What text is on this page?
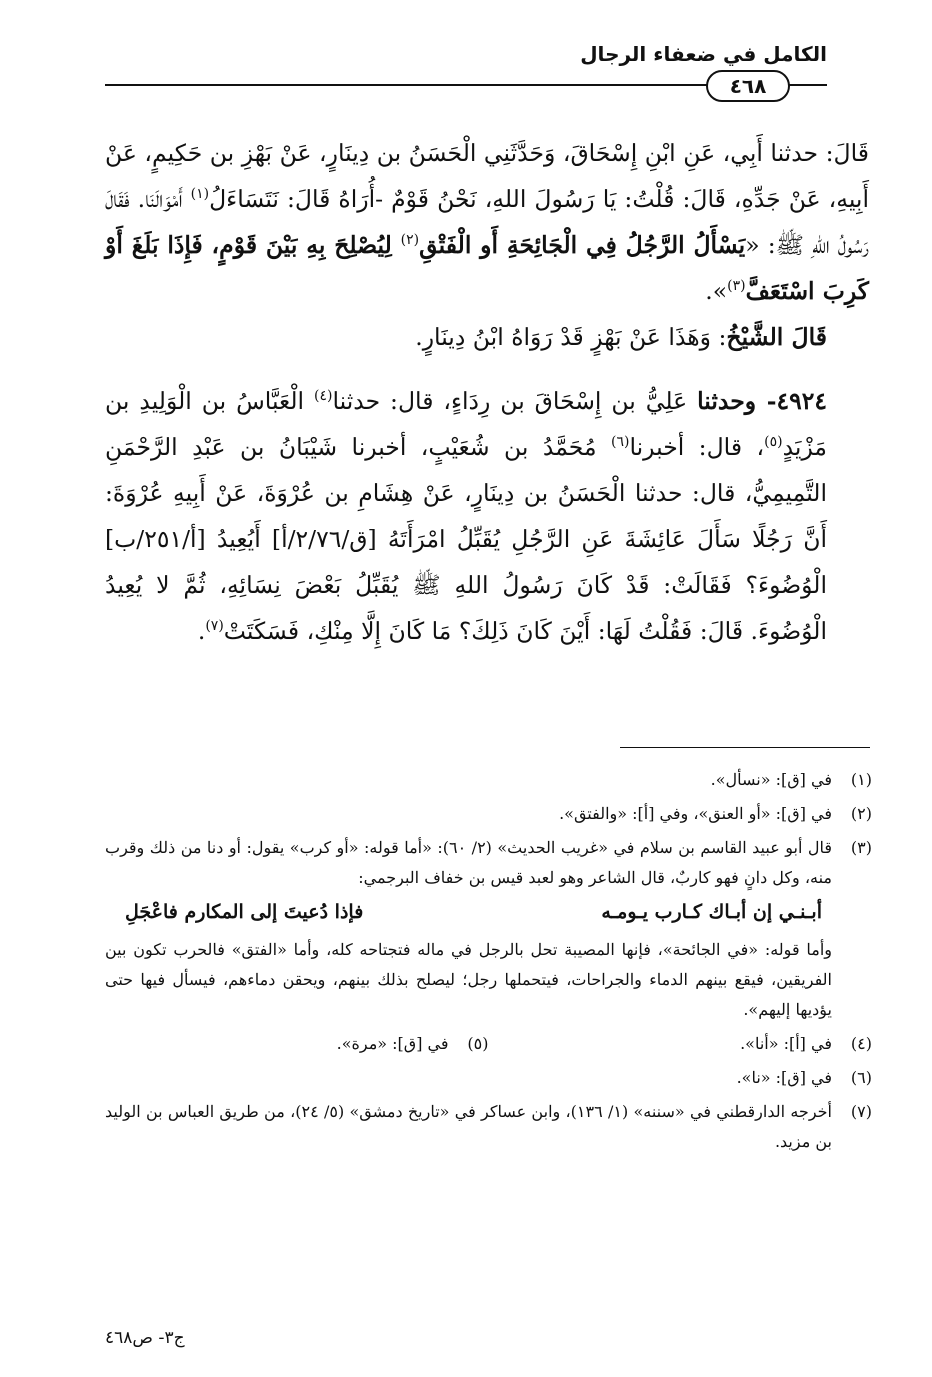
الكامل في ضعفاء الرجال
٤٦٨

قَالَ: حدثنا أَبِي، عَنِ ابْنِ إِسْحَاقَ، وَحَدَّثَنِي الْحَسَنُ بن دِينَارٍ، عَنْ بَهْزِ بن حَكِيمٍ، عَنْ أَبِيهِ، عَنْ جَدِّهِ، قَالَ: قُلْتُ: يَا رَسُولَ اللهِ، نَحْنُ قَوْمٌ -أُرَاهُ قَالَ: نَتَسَاءَلُ$^{(١)}$ أَمْوَالَنَا. فَقَالَ رَسُولُ اللهِ ﷺ: «يَسْأَلُ الرَّجُلُ فِي الْجَائِحَةِ أَو الْفَتْقِ$^{(٢)}$ لِيُصْلِحَ بِهِ بَيْنَ قَوْمٍ، فَإِذَا بَلَغَ أَوْ كَرِبَ اسْتَعَفَّ$^{(٣)}$».

قَالَ الشَّيْخُ: وَهَذَا عَنْ بَهْزٍ قَدْ رَوَاهُ ابْنُ دِينَارٍ.

٤٩٢٤- وحدثنا عَلِيُّ بن إِسْحَاقَ بن رِدَاءٍ، قال: حدثنا$^{(٤)}$ الْعَبَّاسُ بن الْوَلِيدِ بن مَزْيَدٍ$^{(٥)}$، قال: أخبرنا$^{(٦)}$ مُحَمَّدُ بن شُعَيْبٍ، أخبرنا شَيْبَانُ بن عَبْدِ الرَّحْمَنِ التَّمِيمِيُّ، قال: حدثنا الْحَسَنُ بن دِينَارٍ، عَنْ هِشَامِ بن عُرْوَةَ، عَنْ أَبِيهِ عُرْوَةَ: أَنَّ رَجُلًا سَأَلَ عَائِشَةَ عَنِ الرَّجُلِ يُقَبِّلُ امْرَأَتَهُ [ق/٢/٧٦/أ] أَيُعِيدُ [أ/٢٥١/ب] الْوُضُوءَ؟ فَقَالَتْ: قَدْ كَانَ رَسُولُ اللهِ ﷺ يُقَبِّلُ بَعْضَ نِسَائِهِ، ثُمَّ لا يُعِيدُ الْوُضُوءَ. قَالَ: فَقُلْتُ لَهَا: أَيْنَ كَانَ ذَلِكَ؟ مَا كَانَ إِلَّا مِنْكِ، فَسَكَتَتْ$^{(٧)}$.

(١)
في [ق]: «نسأل».
(٢)
في [ق]: «أو العنق»، وفي [أ]: «والفتق».
(٣)
قال أبو عبيد القاسم بن سلام في «غريب الحديث» (٢/ ٦٠): «أما قوله: «أو كرب» يقول: أو دنا من ذلك وقرب منه، وكل دانٍ فهو كاربٌ، قال الشاعر وهو لعبد قيس بن خفاف البرجمي:
أبـنـي إن أبـاك كـارب يـومـه
فإذا دُعيتَ إلى المكارم فاعْجَلِ
وأما قوله: «في الجائحة»، فإنها المصيبة تحل بالرجل في ماله فتجتاحه كله، وأما «الفتق» فالحرب تكون بين الفريقين، فيقع بينهم الدماء والجراحات، فيتحملها رجل؛ ليصلح بذلك بينهم، ويحقن دماءهم، فيسأل فيها حتى يؤديها إليهم».
(٤)
في [أ]: «أنا».
(٥)
في [ق]: «مرة».
(٦)
في [ق]: «نا».
(٧)
أخرجه الدارقطني في «سننه» (١/ ١٣٦)، وابن عساكر في «تاريخ دمشق» (٥/ ٢٤)، من طريق العباس بن الوليد بن مزيد.
ج٣- ص٤٦٨
